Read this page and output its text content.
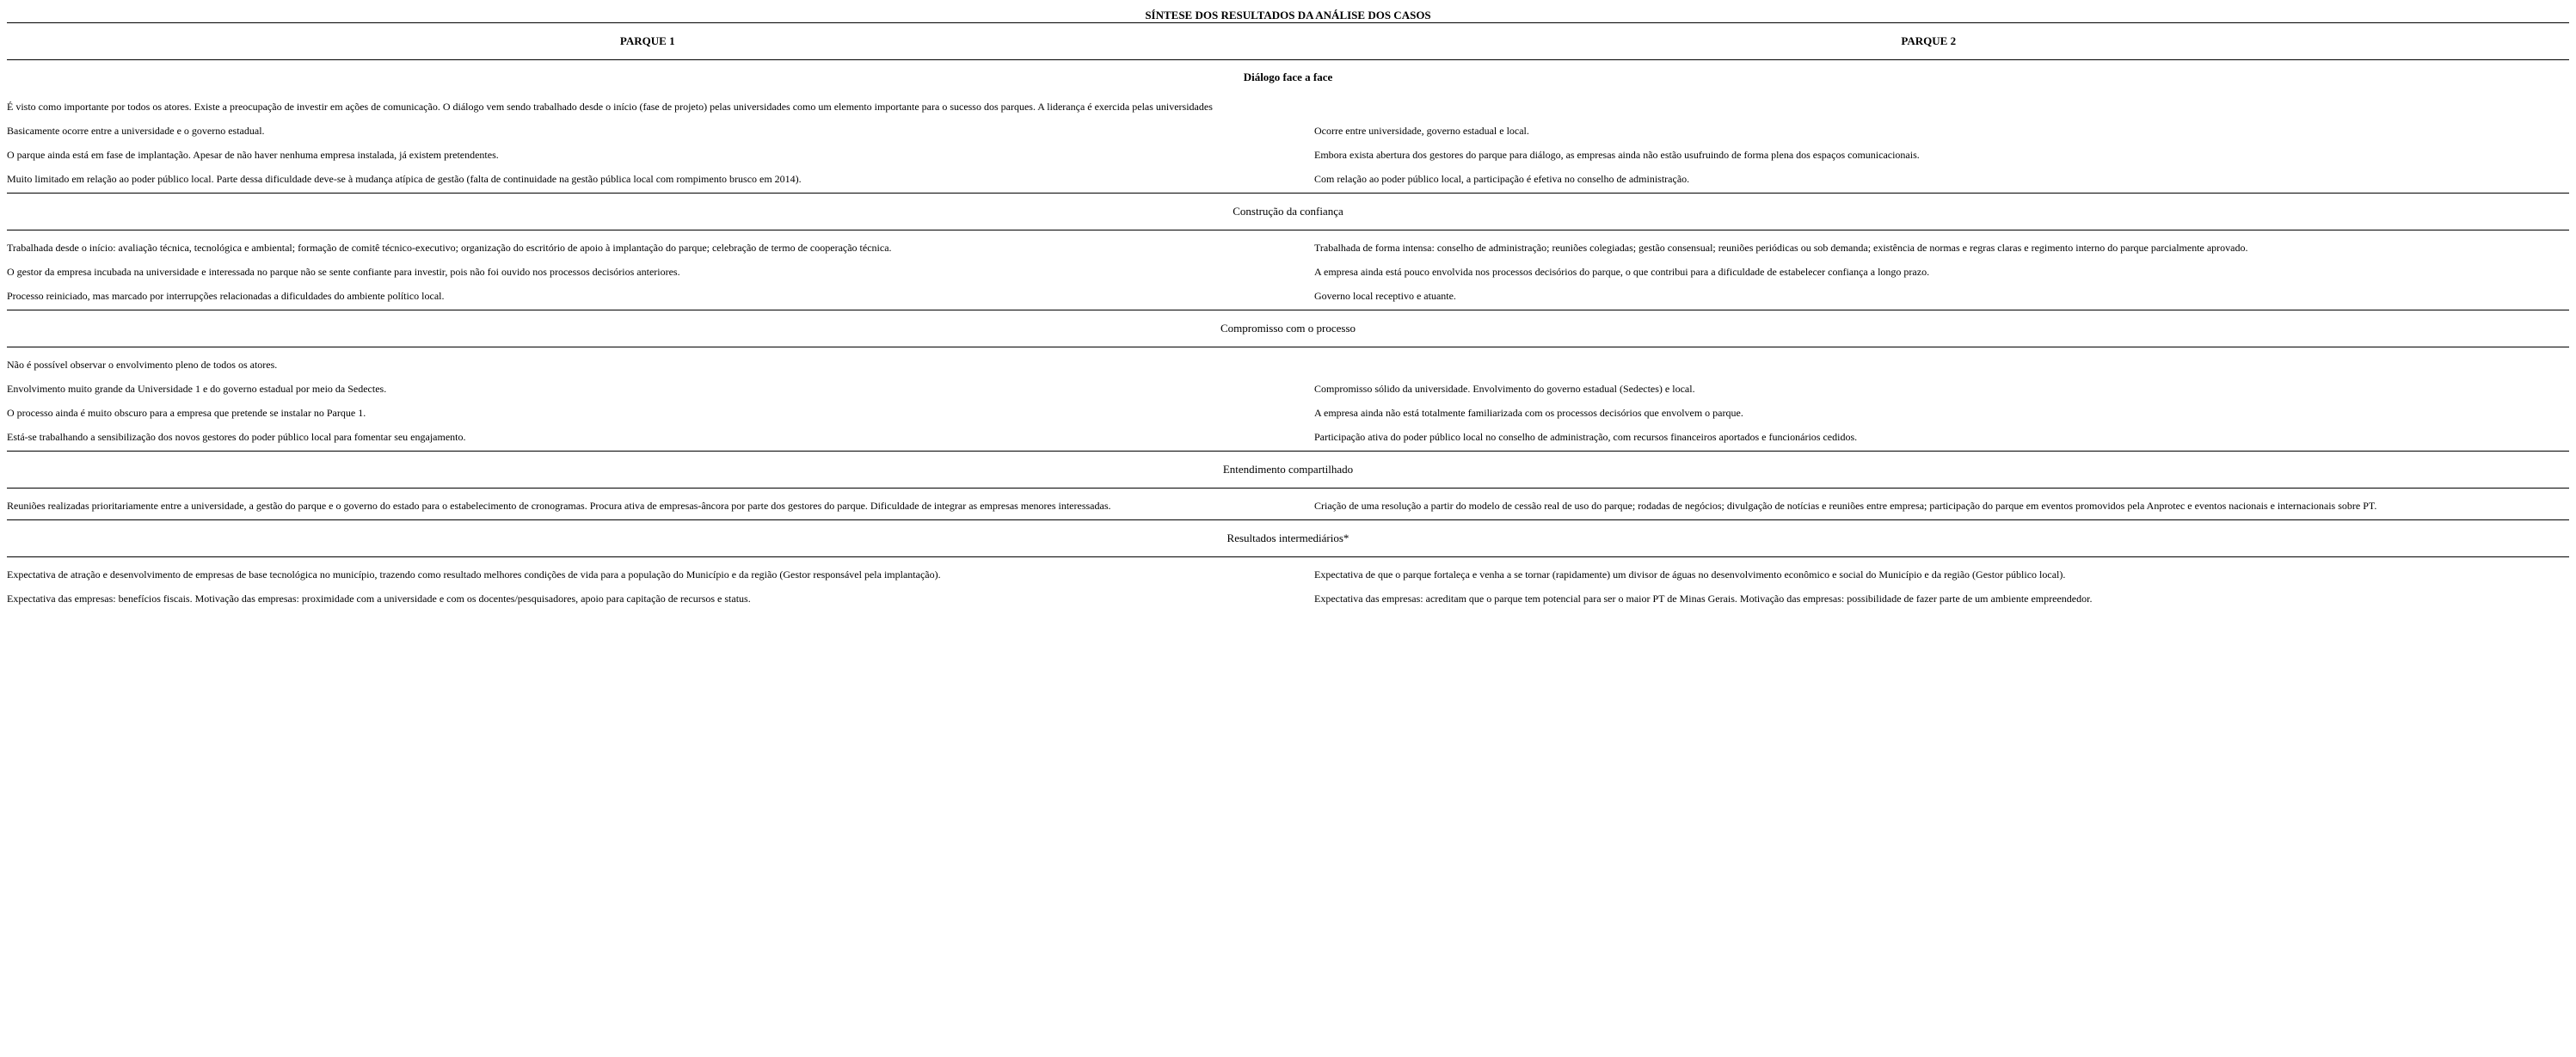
SÍNTESE DOS RESULTADOS DA ANÁLISE DOS CASOS
PARQUE 1	PARQUE 2
Diálogo face a face
É visto como importante por todos os atores. Existe a preocupação de investir em ações de comunicação. O diálogo vem sendo trabalhado desde o início (fase de projeto) pelas universidades como um elemento importante para o sucesso dos parques. A liderança é exercida pelas universidades
Basicamente ocorre entre a universidade e o governo estadual.	Ocorre entre universidade, governo estadual e local.
O parque ainda está em fase de implantação. Apesar de não haver nenhuma empresa instalada, já existem pretendentes.	Embora exista abertura dos gestores do parque para diálogo, as empresas ainda não estão usufruindo de forma plena dos espaços comunicacionais.
Muito limitado em relação ao poder público local. Parte dessa dificuldade deve-se à mudança atípica de gestão (falta de continuidade na gestão pública local com rompimento brusco em 2014).	Com relação ao poder público local, a participação é efetiva no conselho de administração.
Construção da confiança
Trabalhada desde o início: avaliação técnica, tecnológica e ambiental; formação de comitê técnico-executivo; organização do escritório de apoio à implantação do parque; celebração de termo de cooperação técnica.	Trabalhada de forma intensa: conselho de administração; reuniões colegiadas; gestão consensual; reuniões periódicas ou sob demanda; existência de normas e regras claras e regimento interno do parque parcialmente aprovado.
O gestor da empresa incubada na universidade e interessada no parque não se sente confiante para investir, pois não foi ouvido nos processos decisórios anteriores.	A empresa ainda está pouco envolvida nos processos decisórios do parque, o que contribui para a dificuldade de estabelecer confiança a longo prazo.
Processo reiniciado, mas marcado por interrupções relacionadas a dificuldades do ambiente político local.	Governo local receptivo e atuante.
Compromisso com o processo
Não é possível observar o envolvimento pleno de todos os atores.
Envolvimento muito grande da Universidade 1 e do governo estadual por meio da Sedectes.	Compromisso sólido da universidade. Envolvimento do governo estadual (Sedectes) e local.
O processo ainda é muito obscuro para a empresa que pretende se instalar no Parque 1.	A empresa ainda não está totalmente familiarizada com os processos decisórios que envolvem o parque.
Está-se trabalhando a sensibilização dos novos gestores do poder público local para fomentar seu engajamento.	Participação ativa do poder público local no conselho de administração, com recursos financeiros aportados e funcionários cedidos.
Entendimento compartilhado
Reuniões realizadas prioritariamente entre a universidade, a gestão do parque e o governo do estado para o estabelecimento de cronogramas. Procura ativa de empresas-âncora por parte dos gestores do parque. Dificuldade de integrar as empresas menores interessadas.	Criação de uma resolução a partir do modelo de cessão real de uso do parque; rodadas de negócios; divulgação de notícias e reuniões entre empresa; participação do parque em eventos promovidos pela Anprotec e eventos nacionais e internacionais sobre PT.
Resultados intermediários*
Expectativa de atração e desenvolvimento de empresas de base tecnológica no município, trazendo como resultado melhores condições de vida para a população do Município e da região (Gestor responsável pela implantação).	Expectativa de que o parque fortaleça e venha a se tornar (rapidamente) um divisor de águas no desenvolvimento econômico e social do Município e da região (Gestor público local).
Expectativa das empresas: benefícios fiscais. Motivação das empresas: proximidade com a universidade e com os docentes/pesquisadores, apoio para capitação de recursos e status.	Expectativa das empresas: acreditam que o parque tem potencial para ser o maior PT de Minas Gerais. Motivação das empresas: possibilidade de fazer parte de um ambiente empreendedor.
